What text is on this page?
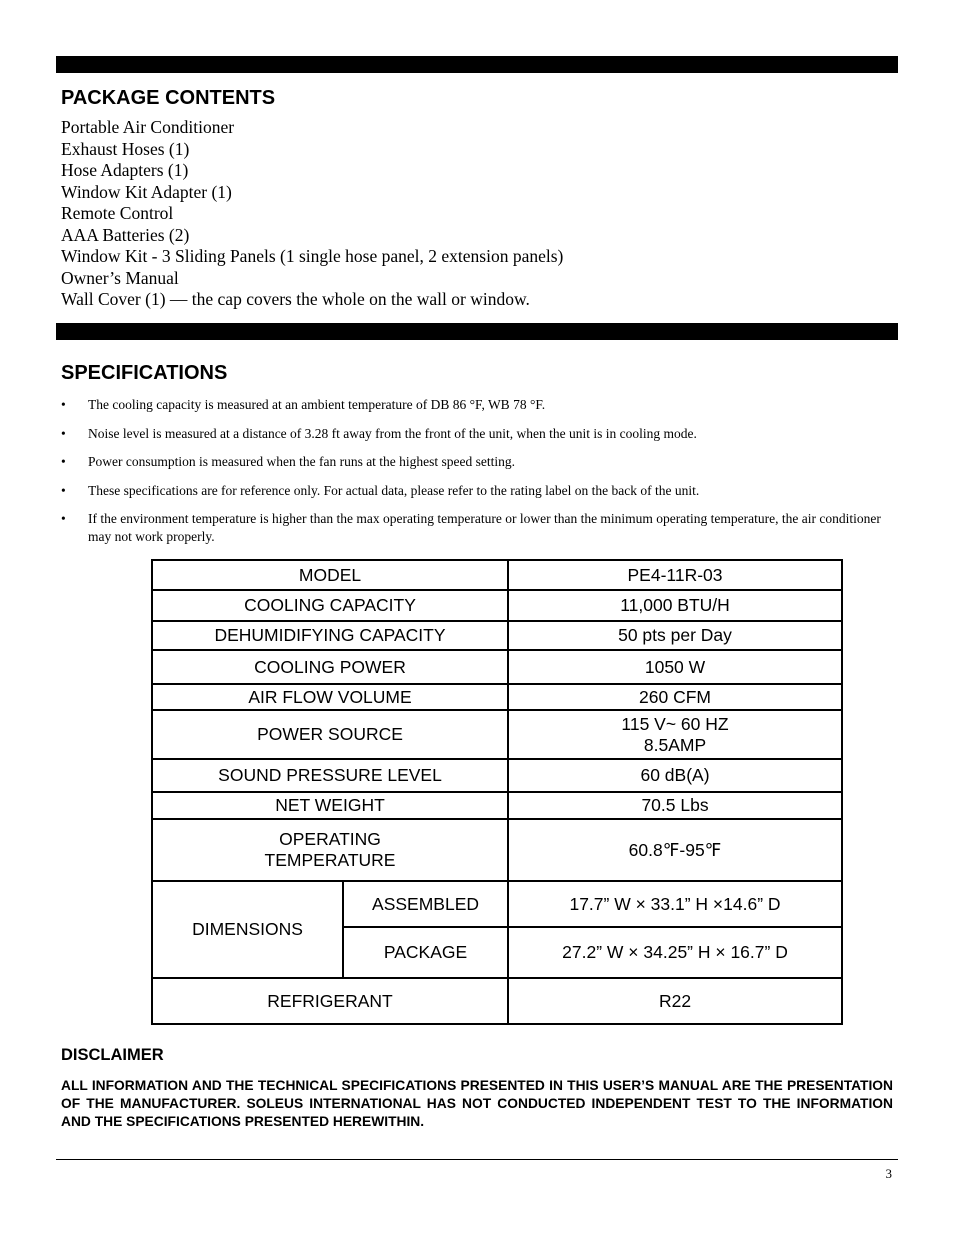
PACKAGE CONTENTS
Portable Air Conditioner
Exhaust Hoses (1)
Hose Adapters (1)
Window Kit Adapter (1)
Remote Control
AAA Batteries (2)
Window Kit - 3 Sliding Panels (1 single hose panel, 2 extension panels)
Owner’s Manual
Wall Cover (1) — the cap covers the whole on the wall or window.
SPECIFICATIONS
• The cooling capacity is measured at an ambient temperature of DB 86 °F, WB 78 °F.
• Noise level is measured at a distance of 3.28 ft away from the front of the unit, when the unit is in cooling mode.
• Power consumption is measured when the fan runs at the highest speed setting.
• These specifications are for reference only. For actual data, please refer to the rating label on the back of the unit.
• If the environment temperature is higher than the max operating temperature or lower than the minimum operating temperature, the air conditioner may not work properly.
MODEL		PE4-11R-03
COOLING CAPACITY		11,000 BTU/H
DEHUMIDIFYING CAPACITY		50 pts per Day
COOLING POWER		1050 W
AIR FLOW VOLUME		260 CFM
POWER SOURCE		115 V~ 60 HZ
8.5AMP

SOUND PRESSURE LEVEL		60 dB(A)
NET WEIGHT		70.5 Lbs

OPERATING
TEMPERATURE		60.8℉-95℉
DIMENSIONS	ASSEMBLED	17.7” W × 33.1” H ×14.6” D
	PACKAGE	27.2” W × 34.25” H × 16.7” D
REFRIGERANT		R22
DISCLAIMER

ALL INFORMATION AND THE TECHNICAL SPECIFICATIONS PRESENTED IN THIS USER’S MANUAL ARE THE PRESENTATION OF THE MANUFACTURER. SOLEUS INTERNATIONAL HAS NOT CONDUCTED INDEPENDENT TEST TO THE INFORMATION AND THE SPECIFICATIONS PRESENTED HEREWITHIN.

3
